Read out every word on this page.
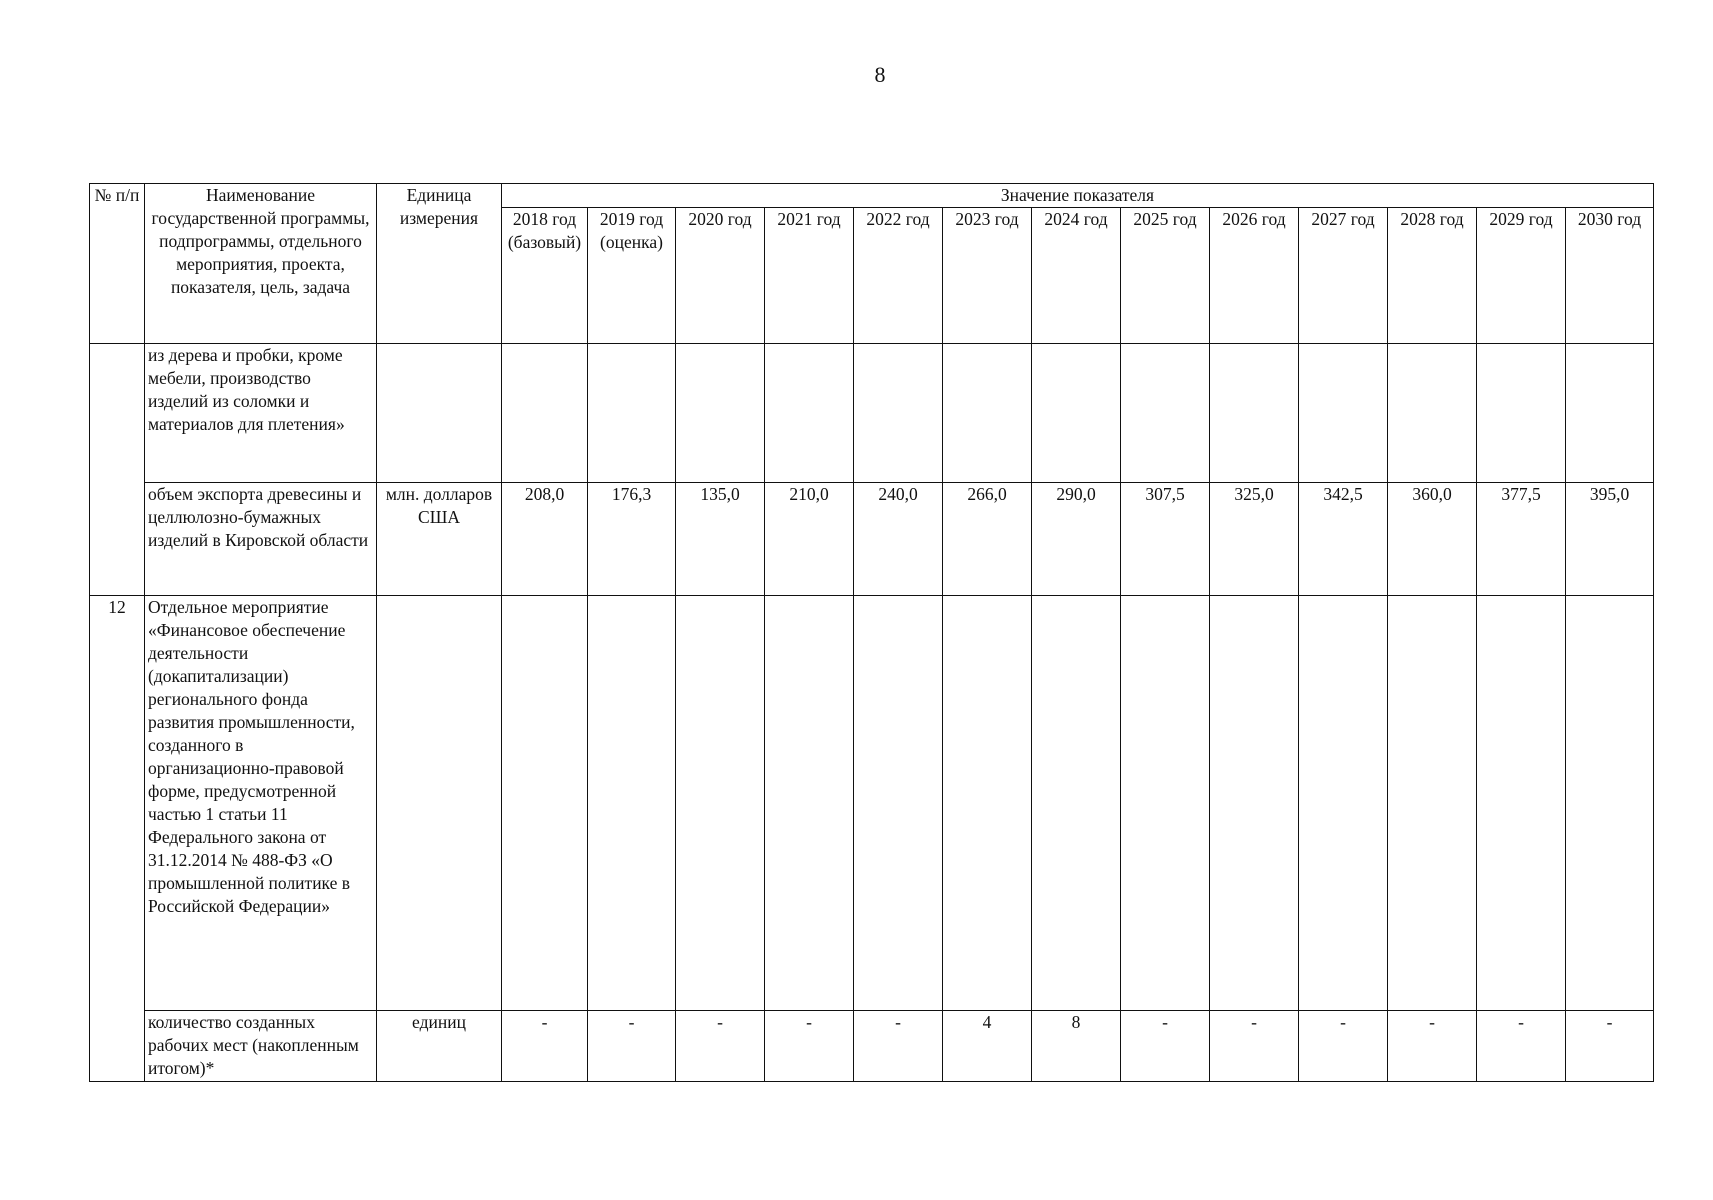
8
№ п/п	Наименование государственной программы, подпрограммы, отдельного мероприятия, проекта, показателя, цель, задача	Единица измерения	Значение показателя												
			2018 год (базовый)	2019 год (оценка)	2020 год	2021 год	2022 год	2023 год	2024 год	2025 год	2026 год	2027 год	2028 год	2029 год	2030 год
	из дерева и пробки, кроме мебели, производство изделий из соломки и материалов для плетения»														
	объем экспорта древесины и целлюлозно-бумажных изделий в Кировской области	млн. долларов США	208,0	176,3	135,0	210,0	240,0	266,0	290,0	307,5	325,0	342,5	360,0	377,5	395,0
12	Отдельное мероприятие «Финансовое обеспечение деятельности (докапитализации) регионального фонда развития промышленности, созданного в организационно-правовой форме, предусмотренной частью 1 статьи 11 Федерального закона от 31.12.2014 № 488-ФЗ «О промышленной политике в Российской Федерации»														
	количество созданных рабочих мест (накопленным итогом)*	единиц	-	-	-	-	-	4	8	-	-	-	-	-	-
